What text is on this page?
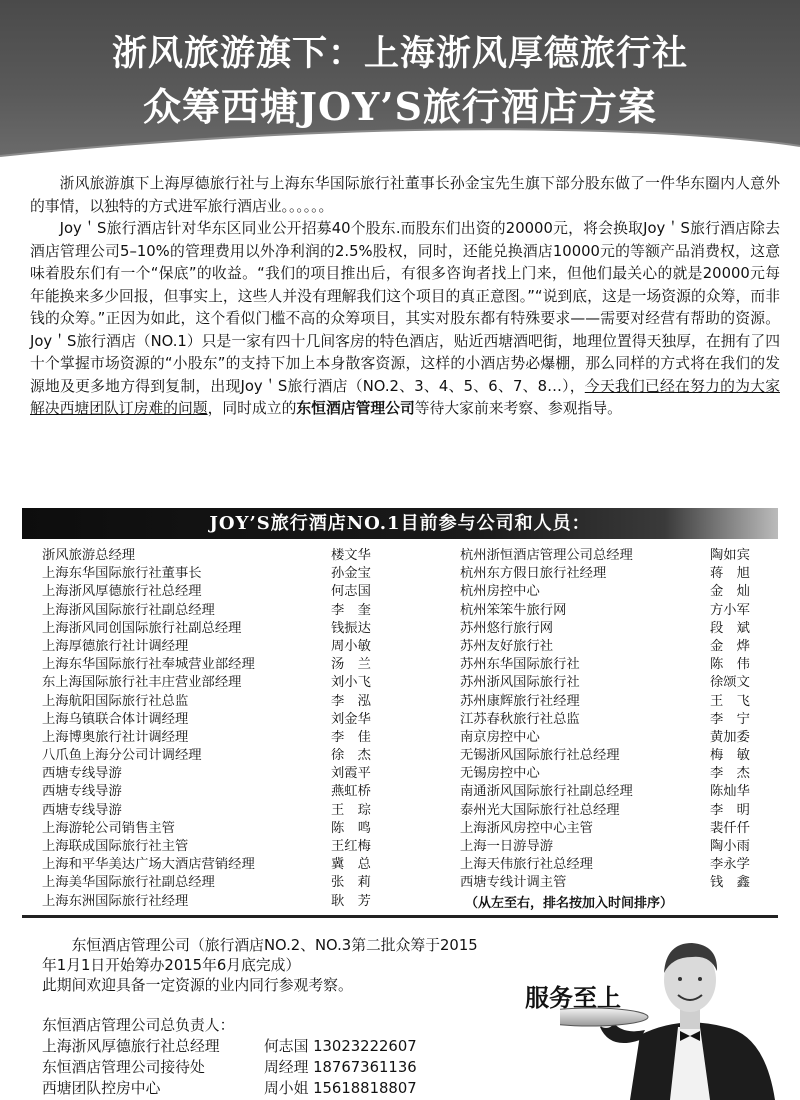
浙风旅游旗下：上海浙风厚德旅行社
众筹西塘JOY’S旅行酒店方案

浙风旅游旗下上海厚德旅行社与上海东华国际旅行社董事长孙金宝先生旗下部分股东做了一件华东圈内人意外的事情，以独特的方式进军旅行酒店业。。。。。。

Joy＇S旅行酒店针对华东区同业公开招募40个股东.而股东们出资的20000元，将会换取Joy＇S旅行酒店除去酒店管理公司5–10%的管理费用以外净利润的2.5%股权，同时，还能兑换酒店10000元的等额产品消费权，这意味着股东们有一个“保底”的收益。“我们的项目推出后，有很多咨询者找上门来，但他们最关心的就是20000元每年能换来多少回报，但事实上，这些人并没有理解我们这个项目的真正意图。”“说到底，这是一场资源的众筹，而非钱的众筹。”正因为如此，这个看似门槛不高的众筹项目，其实对股东都有特殊要求——需要对经营有帮助的资源。Joy＇S旅行酒店（NO.1）只是一家有四十几间客房的特色酒店，贴近西塘酒吧街，地理位置得天独厚，在拥有了四十个掌握市场资源的“小股东”的支持下加上本身散客资源，这样的小酒店势必爆棚，那么同样的方式将在我们的发源地及更多地方得到复制，出现Joy＇S旅行酒店（NO.2、3、4、5、6、7、8…），今天我们已经在努力的为大家解决西塘团队订房难的问题，同时成立的东恒酒店管理公司等待大家前来考察、参观指导。

JOY’S旅行酒店NO.1目前参与公司和人员：
浙风旅游总经理	楼文华
上海东华国际旅行社董事长	孙金宝
上海浙风厚德旅行社总经理	何志国
上海浙风国际旅行社副总经理	李　奎
上海浙风同创国际旅行社副总经理	钱振达
上海厚德旅行社计调经理	周小敏
上海东华国际旅行社奉城营业部经理	汤　兰
东上海国际旅行社丰庄营业部经理	刘小飞
上海航阳国际旅行社总监	李　泓
上海乌镇联合体计调经理	刘金华
上海博奥旅行社计调经理	李　佳
八爪鱼上海分公司计调经理	徐　杰
西塘专线导游	刘霞平
西塘专线导游	燕虹桥
西塘专线导游	王　琮
上海游轮公司销售主管	陈　鸣
上海联成国际旅行社主管	王红梅
上海和平华美达广场大酒店营销经理	冀　总
上海美华国际旅行社副总经理	张　莉
上海东洲国际旅行社经理	耿　芳
杭州浙恒酒店管理公司总经理	陶如宾
杭州东方假日旅行社经理	蒋　旭
杭州房控中心	金　灿
杭州笨笨牛旅行网	方小军
苏州悠行旅行网	段　斌
苏州友好旅行社	金　烨
苏州东华国际旅行社	陈　伟
苏州浙风国际旅行社	徐颂文
苏州康辉旅行社经理	王　飞
江苏春秋旅行社总监	李　宁
南京房控中心	黄加委
无锡浙风国际旅行社总经理	梅　敏
无锡房控中心	李　杰
南通浙风国际旅行社副总经理	陈灿华
泰州光大国际旅行社总经理	李　明
上海浙风房控中心主管	裴仟仟
上海一日游导游	陶小雨
上海天伟旅行社总经理	李永学
西塘专线计调主管	钱　鑫
（从左至右，排名按加入时间排序）

东恒酒店管理公司（旅行酒店NO.2、NO.3第二批众筹于2015年1月1日开始筹办2015年6月底完成）

此期间欢迎具备一定资源的业内同行参观考察。

东恒酒店管理公司总负责人：
上海浙风厚德旅行社总经理	何志国 13023222607
东恒酒店管理公司接待处	周经理 18767361136
西塘团队控房中心	周小姐 15618818807
服务至上
